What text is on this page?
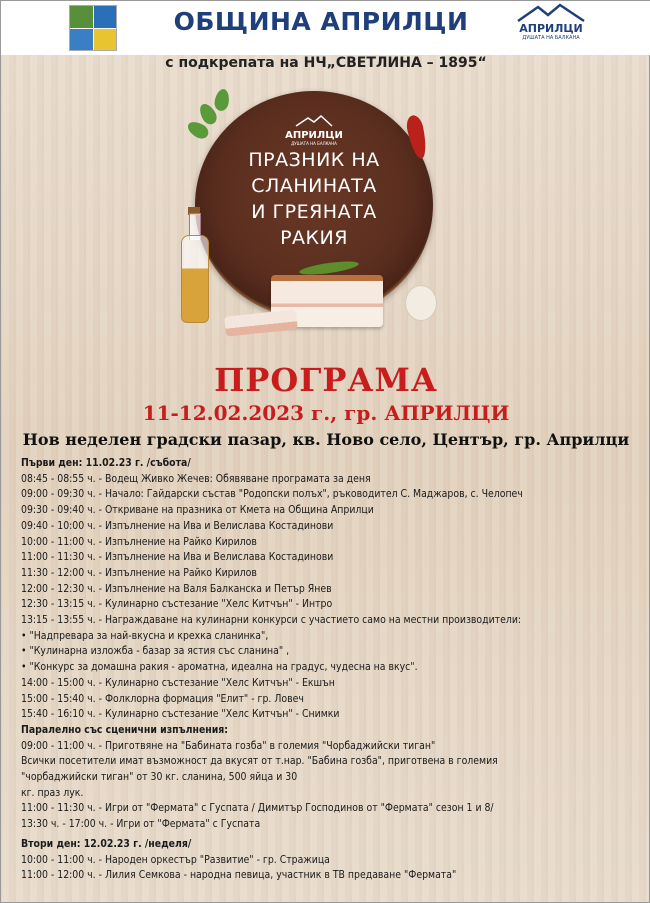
ОБЩИНА АПРИЛЦИ	АПРИЛЦИ
ДУШАТА НА БАЛКАНА
с подкрепата на НЧ„СВЕТЛИНА – 1895“
АПРИЛЦИ
ДУШАТА НА БАЛКАНА
ПРАЗНИК НА
СЛАНИНАТА
И ГРЕЯНАТА
РАКИЯ
ПРОГРАМА
11-12.02.2023 г., гр. АПРИЛЦИ
Нов неделен градски пазар, кв. Ново село, Център, гр. Априлци
Първи ден: 11.02.23 г. /събота/
08:45 - 08:55 ч. - Водещ Живко Жечев: Обявяване програмата за деня
09:00 - 09:30 ч. - Начало: Гайдарски състав "Родопски полъх", ръководител С. Маджаров, с. Челопеч
09:30 - 09:40 ч. - Откриване на празника от Кмета на Община Априлци
09:40 - 10:00 ч. - Изпълнение на Ива и Велислава Костадинови
10:00 - 11:00 ч. - Изпълнение на Райко Кирилов
11:00 - 11:30 ч. - Изпълнение на Ива и Велислава Костадинови
11:30 - 12:00 ч. - Изпълнение на Райко Кирилов
12:00 - 12:30 ч. - Изпълнение на Валя Балканска и Петър Янев
12:30 - 13:15 ч. - Кулинарно състезание "Хелс Китчън" - Интро
13:15 - 13:55 ч. - Награждаване на кулинарни конкурси с участието само на местни производители:
• "Надпревара за най-вкусна и крехка сланинка",
• "Кулинарна изложба - базар за ястия със сланина" ,
• "Конкурс за домашна ракия - ароматна, идеална на градус, чудесна на вкус".
14:00 - 15:00 ч. - Кулинарно състезание "Хелс Китчън" - Екшън
15:00 - 15:40 ч. - Фолклорна формация "Елит" - гр. Ловеч
15:40 - 16:10 ч. - Кулинарно състезание "Хелс Китчън" - Снимки
Паралелно със сценични изпълнения:
09:00 - 11:00 ч. - Приготвяне на "Бабината гозба" в големия "Чорбаджийски тиган"
Всички посетители имат възможност да вкусят от т.нар. "Бабина гозба", приготвена в големия
"чорбаджийски тиган" от 30 кг. сланина, 500 яйца и 30
кг. праз лук.
11:00 - 11:30 ч. - Игри от "Фермата" с Гуспата / Димитър Господинов от "Фермата" сезон 1 и 8/
13:30 ч. - 17:00 ч. - Игри от "Фермата" с Гуспата
Втори ден: 12.02.23 г. /неделя/
10:00 - 11:00 ч. - Народен оркестър "Развитие" - гр. Стражица
11:00 - 12:00 ч. - Лилия Семкова - народна певица, участник в ТВ предаване "Фермата"
